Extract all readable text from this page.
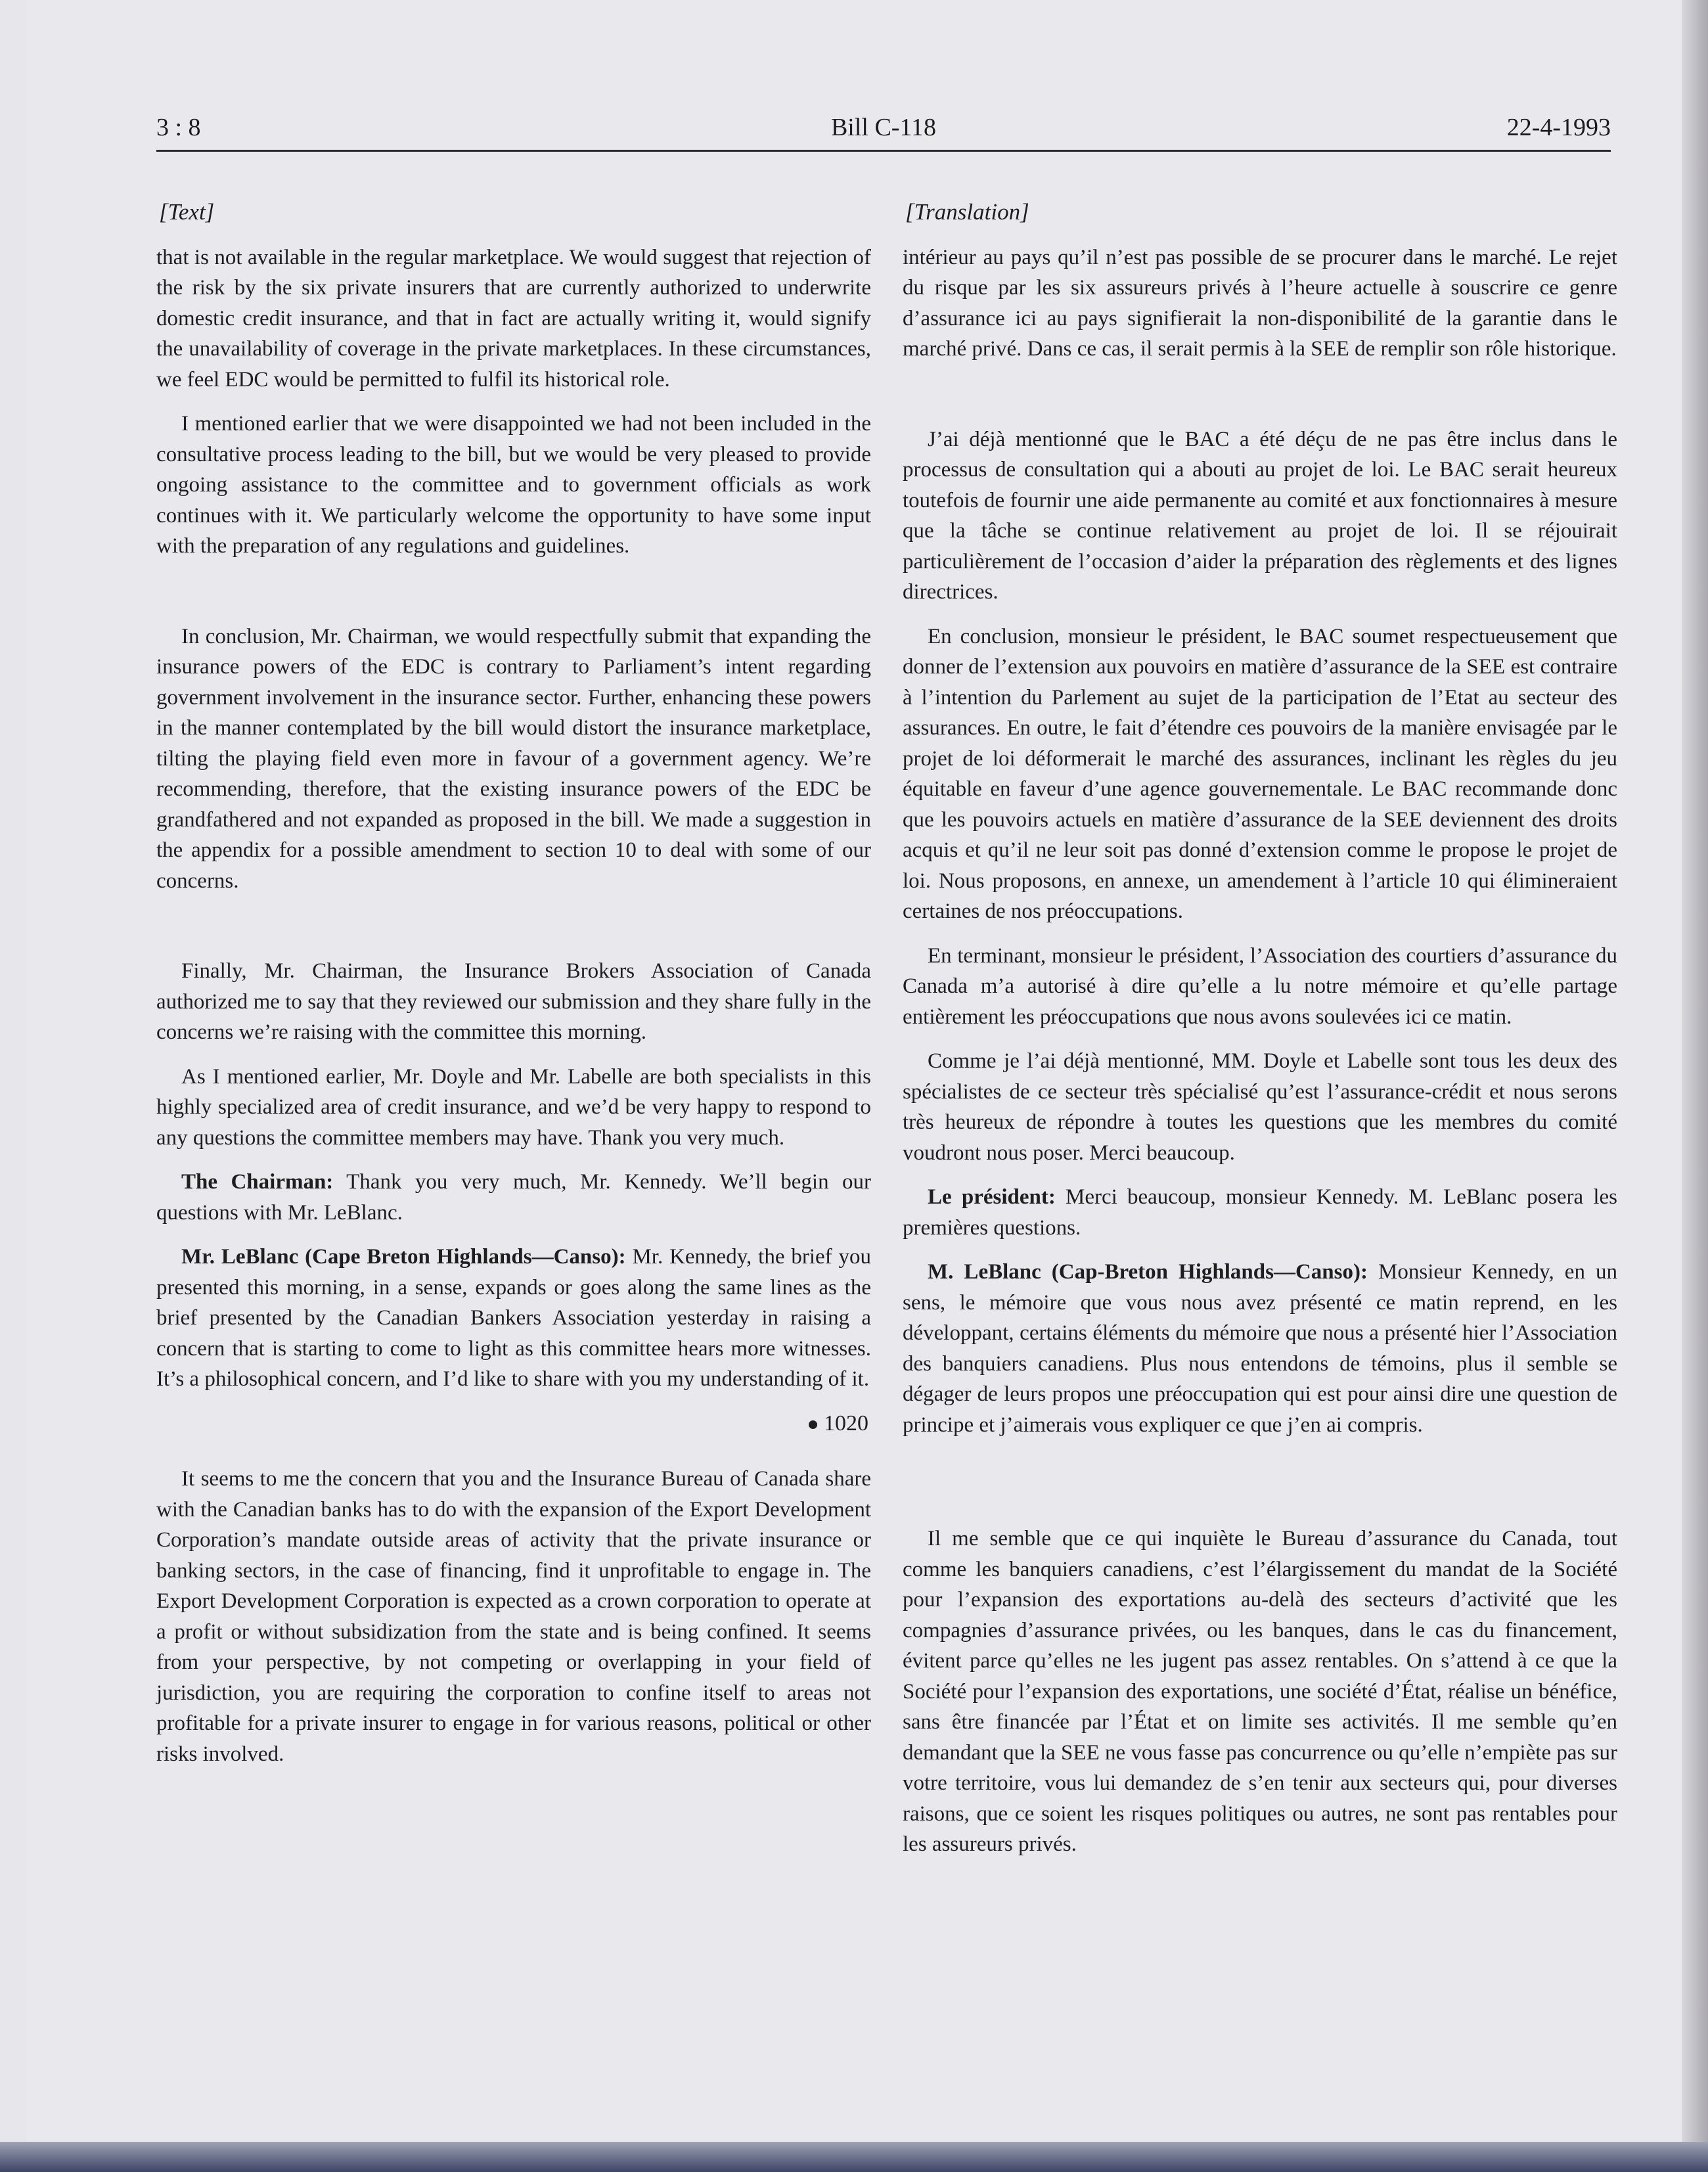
3 : 8	Bill C-118	22-4-1993
[Text]

that is not available in the regular marketplace. We would suggest that rejection of the risk by the six private insurers that are currently authorized to underwrite domestic credit insurance, and that in fact are actually writing it, would signify the unavailability of coverage in the private marketplaces. In these circumstances, we feel EDC would be permitted to fulfil its historical role.

I mentioned earlier that we were disappointed we had not been included in the consultative process leading to the bill, but we would be very pleased to provide ongoing assistance to the committee and to government officials as work continues with it. We particularly welcome the opportunity to have some input with the preparation of any regulations and guidelines.

In conclusion, Mr. Chairman, we would respectfully submit that expanding the insurance powers of the EDC is contrary to Parliament’s intent regarding government involvement in the insurance sector. Further, enhancing these powers in the manner contemplated by the bill would distort the insurance marketplace, tilting the playing field even more in favour of a government agency. We’re recommending, therefore, that the existing insurance powers of the EDC be grandfathered and not expanded as proposed in the bill. We made a suggestion in the appendix for a possible amendment to section 10 to deal with some of our concerns.

Finally, Mr. Chairman, the Insurance Brokers Association of Canada authorized me to say that they reviewed our submission and they share fully in the concerns we’re raising with the committee this morning.

As I mentioned earlier, Mr. Doyle and Mr. Labelle are both specialists in this highly specialized area of credit insurance, and we’d be very happy to respond to any questions the committee members may have. Thank you very much.

The Chairman: Thank you very much, Mr. Kennedy. We’ll begin our questions with Mr. LeBlanc.

Mr. LeBlanc (Cape Breton Highlands—Canso): Mr. Kennedy, the brief you presented this morning, in a sense, expands or goes along the same lines as the brief presented by the Canadian Bankers Association yesterday in raising a concern that is starting to come to light as this committee hears more witnesses. It’s a philosophical concern, and I’d like to share with you my understanding of it.

1020

It seems to me the concern that you and the Insurance Bureau of Canada share with the Canadian banks has to do with the expansion of the Export Development Corporation’s mandate outside areas of activity that the private insurance or banking sectors, in the case of financing, find it unprofitable to engage in. The Export Development Corporation is expected as a crown corporation to operate at a profit or without subsidization from the state and is being confined. It seems from your perspective, by not competing or overlapping in your field of jurisdiction, you are requiring the corporation to confine itself to areas not profitable for a private insurer to engage in for various reasons, political or other risks involved.

[Translation]

intérieur au pays qu’il n’est pas possible de se procurer dans le marché. Le rejet du risque par les six assureurs privés à l’heure actuelle à souscrire ce genre d’assurance ici au pays signifierait la non-disponibilité de la garantie dans le marché privé. Dans ce cas, il serait permis à la SEE de remplir son rôle historique.

J’ai déjà mentionné que le BAC a été déçu de ne pas être inclus dans le processus de consultation qui a abouti au projet de loi. Le BAC serait heureux toutefois de fournir une aide permanente au comité et aux fonctionnaires à mesure que la tâche se continue relativement au projet de loi. Il se réjouirait particulièrement de l’occasion d’aider la préparation des règlements et des lignes directrices.

En conclusion, monsieur le président, le BAC soumet respectueusement que donner de l’extension aux pouvoirs en matière d’assurance de la SEE est contraire à l’intention du Parlement au sujet de la participation de l’Etat au secteur des assurances. En outre, le fait d’étendre ces pouvoirs de la manière envisagée par le projet de loi déformerait le marché des assurances, inclinant les règles du jeu équitable en faveur d’une agence gouvernementale. Le BAC recommande donc que les pouvoirs actuels en matière d’assurance de la SEE deviennent des droits acquis et qu’il ne leur soit pas donné d’extension comme le propose le projet de loi. Nous proposons, en annexe, un amendement à l’article 10 qui élimineraient certaines de nos préoccupations.

En terminant, monsieur le président, l’Association des courtiers d’assurance du Canada m’a autorisé à dire qu’elle a lu notre mémoire et qu’elle partage entièrement les préoccupations que nous avons soulevées ici ce matin.

Comme je l’ai déjà mentionné, MM. Doyle et Labelle sont tous les deux des spécialistes de ce secteur très spécialisé qu’est l’assurance-crédit et nous serons très heureux de répondre à toutes les questions que les membres du comité voudront nous poser. Merci beaucoup.

Le président: Merci beaucoup, monsieur Kennedy. M. LeBlanc posera les premières questions.

M. LeBlanc (Cap-Breton Highlands—Canso): Monsieur Kennedy, en un sens, le mémoire que vous nous avez présenté ce matin reprend, en les développant, certains éléments du mémoire que nous a présenté hier l’Association des banquiers canadiens. Plus nous entendons de témoins, plus il semble se dégager de leurs propos une préoccupation qui est pour ainsi dire une question de principe et j’aimerais vous expliquer ce que j’en ai compris.

Il me semble que ce qui inquiète le Bureau d’assurance du Canada, tout comme les banquiers canadiens, c’est l’élargissement du mandat de la Société pour l’expansion des exportations au-delà des secteurs d’activité que les compagnies d’assurance privées, ou les banques, dans le cas du financement, évitent parce qu’elles ne les jugent pas assez rentables. On s’attend à ce que la Société pour l’expansion des exportations, une société d’État, réalise un bénéfice, sans être financée par l’État et on limite ses activités. Il me semble qu’en demandant que la SEE ne vous fasse pas concurrence ou qu’elle n’empiète pas sur votre territoire, vous lui demandez de s’en tenir aux secteurs qui, pour diverses raisons, que ce soient les risques politiques ou autres, ne sont pas rentables pour les assureurs privés.
